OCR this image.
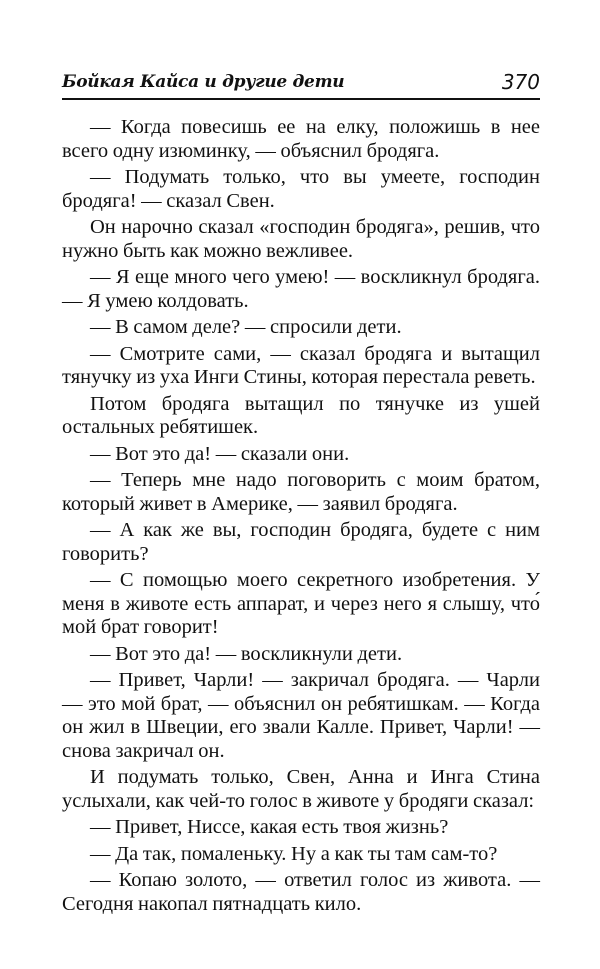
Бойкая Кайса и другие дети	370

— Когда повесишь ее на елку, положишь в нее всего одну изюминку, — объяснил бродяга.

— Подумать только, что вы умеете, господин бродяга! — сказал Свен.

Он нарочно сказал «господин бродяга», решив, что нужно быть как можно вежливее.

— Я еще много чего умею! — воскликнул бродяга. — Я умею колдовать.

— В самом деле? — спросили дети.

— Смотрите сами, — сказал бродяга и вытащил тянучку из уха Инги Стины, которая перестала реветь.

Потом бродяга вытащил по тянучке из ушей остальных ребятишек.

— Вот это да! — сказали они.

— Теперь мне надо поговорить с моим братом, который живет в Америке, — заявил бродяга.

— А как же вы, господин бродяга, будете с ним говорить?

— С помощью моего секретного изобретения. У меня в животе есть аппарат, и через него я слышу, что́ мой брат говорит!

— Вот это да! — воскликнули дети.

— Привет, Чарли! — закричал бродяга. — Чарли — это мой брат, — объяснил он ребятишкам. — Когда он жил в Швеции, его звали Калле. Привет, Чарли! — снова закричал он.

И подумать только, Свен, Анна и Инга Стина услыхали, как чей-то голос в животе у бродяги сказал:

— Привет, Ниссе, какая есть твоя жизнь?

— Да так, помаленьку. Ну а как ты там сам-то?

— Копаю золото, — ответил голос из живота. — Сегодня накопал пятнадцать кило.
